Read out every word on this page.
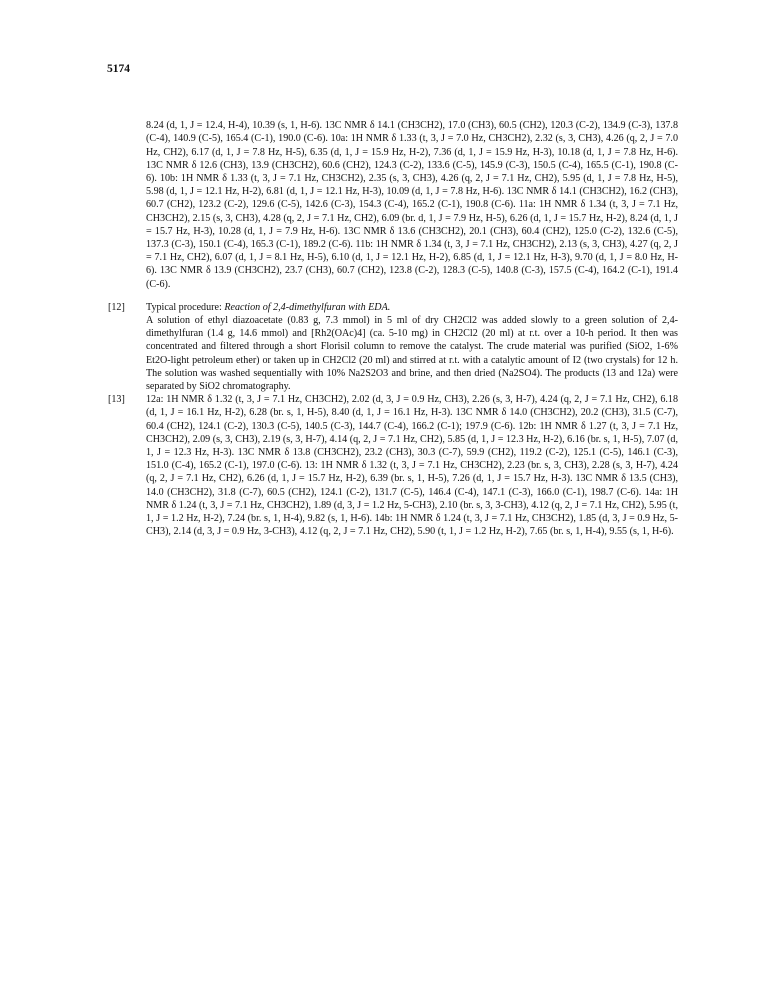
5174

8.24 (d, 1, J = 12.4, H-4), 10.39 (s, 1, H-6). 13C NMR δ 14.1 (CH3CH2), 17.0 (CH3), 60.5 (CH2), 120.3 (C-2), 134.9 (C-3), 137.8 (C-4), 140.9 (C-5), 165.4 (C-1), 190.0 (C-6). 10a: 1H NMR δ 1.33 (t, 3, J = 7.0 Hz, CH3CH2), 2.32 (s, 3, CH3), 4.26 (q, 2, J = 7.0 Hz, CH2), 6.17 (d, 1, J = 7.8 Hz, H-5), 6.35 (d, 1, J = 15.9 Hz, H-2), 7.36 (d, 1, J = 15.9 Hz, H-3), 10.18 (d, 1, J = 7.8 Hz, H-6). 13C NMR δ 12.6 (CH3), 13.9 (CH3CH2), 60.6 (CH2), 124.3 (C-2), 133.6 (C-5), 145.9 (C-3), 150.5 (C-4), 165.5 (C-1), 190.8 (C-6). 10b: 1H NMR δ 1.33 (t, 3, J = 7.1 Hz, CH3CH2), 2.35 (s, 3, CH3), 4.26 (q, 2, J = 7.1 Hz, CH2), 5.95 (d, 1, J = 7.8 Hz, H-5), 5.98 (d, 1, J = 12.1 Hz, H-2), 6.81 (d, 1, J = 12.1 Hz, H-3), 10.09 (d, 1, J = 7.8 Hz, H-6). 13C NMR δ 14.1 (CH3CH2), 16.2 (CH3), 60.7 (CH2), 123.2 (C-2), 129.6 (C-5), 142.6 (C-3), 154.3 (C-4), 165.2 (C-1), 190.8 (C-6). 11a: 1H NMR δ 1.34 (t, 3, J = 7.1 Hz, CH3CH2), 2.15 (s, 3, CH3), 4.28 (q, 2, J = 7.1 Hz, CH2), 6.09 (br. d, 1, J = 7.9 Hz, H-5), 6.26 (d, 1, J = 15.7 Hz, H-2), 8.24 (d, 1, J = 15.7 Hz, H-3), 10.28 (d, 1, J = 7.9 Hz, H-6). 13C NMR δ 13.6 (CH3CH2), 20.1 (CH3), 60.4 (CH2), 125.0 (C-2), 132.6 (C-5), 137.3 (C-3), 150.1 (C-4), 165.3 (C-1), 189.2 (C-6). 11b: 1H NMR δ 1.34 (t, 3, J = 7.1 Hz, CH3CH2), 2.13 (s, 3, CH3), 4.27 (q, 2, J = 7.1 Hz, CH2), 6.07 (d, 1, J = 8.1 Hz, H-5), 6.10 (d, 1, J = 12.1 Hz, H-2), 6.85 (d, 1, J = 12.1 Hz, H-3), 9.70 (d, 1, J = 8.0 Hz, H-6). 13C NMR δ 13.9 (CH3CH2), 23.7 (CH3), 60.7 (CH2), 123.8 (C-2), 128.3 (C-5), 140.8 (C-3), 157.5 (C-4), 164.2 (C-1), 191.4 (C-6).

[12]	Typical procedure: Reaction of 2,4-dimethylfuran with EDA.

A solution of ethyl diazoacetate (0.83 g, 7.3 mmol) in 5 ml of dry CH2Cl2 was added slowly to a green solution of 2,4-dimethylfuran (1.4 g, 14.6 mmol) and [Rh2(OAc)4] (ca. 5-10 mg) in CH2Cl2 (20 ml) at r.t. over a 10-h period. It then was concentrated and filtered through a short Florisil column to remove the catalyst. The crude material was purified (SiO2, 1-6% Et2O-light petroleum ether) or taken up in CH2Cl2 (20 ml) and stirred at r.t. with a catalytic amount of I2 (two crystals) for 12 h. The solution was washed sequentially with 10% Na2S2O3 and brine, and then dried (Na2SO4). The products (13 and 12a) were separated by SiO2 chromatography.

[13]	12a: 1H NMR δ 1.32 (t, 3, J = 7.1 Hz, CH3CH2), 2.02 (d, 3, J = 0.9 Hz, CH3), 2.26 (s, 3, H-7), 4.24 (q, 2, J = 7.1 Hz, CH2), 6.18 (d, 1, J = 16.1 Hz, H-2), 6.28 (br. s, 1, H-5), 8.40 (d, 1, J = 16.1 Hz, H-3). 13C NMR δ 14.0 (CH3CH2), 20.2 (CH3), 31.5 (C-7), 60.4 (CH2), 124.1 (C-2), 130.3 (C-5), 140.5 (C-3), 144.7 (C-4), 166.2 (C-1); 197.9 (C-6). 12b: 1H NMR δ 1.27 (t, 3, J = 7.1 Hz, CH3CH2), 2.09 (s, 3, CH3), 2.19 (s, 3, H-7), 4.14 (q, 2, J = 7.1 Hz, CH2), 5.85 (d, 1, J = 12.3 Hz, H-2), 6.16 (br. s, 1, H-5), 7.07 (d, 1, J = 12.3 Hz, H-3). 13C NMR δ 13.8 (CH3CH2), 23.2 (CH3), 30.3 (C-7), 59.9 (CH2), 119.2 (C-2), 125.1 (C-5), 146.1 (C-3), 151.0 (C-4), 165.2 (C-1), 197.0 (C-6). 13: 1H NMR δ 1.32 (t, 3, J = 7.1 Hz, CH3CH2), 2.23 (br. s, 3, CH3), 2.28 (s, 3, H-7), 4.24 (q, 2, J = 7.1 Hz, CH2), 6.26 (d, 1, J = 15.7 Hz, H-2), 6.39 (br. s, 1, H-5), 7.26 (d, 1, J = 15.7 Hz, H-3). 13C NMR δ 13.5 (CH3), 14.0 (CH3CH2), 31.8 (C-7), 60.5 (CH2), 124.1 (C-2), 131.7 (C-5), 146.4 (C-4), 147.1 (C-3), 166.0 (C-1), 198.7 (C-6). 14a: 1H NMR δ 1.24 (t, 3, J = 7.1 Hz, CH3CH2), 1.89 (d, 3, J = 1.2 Hz, 5-CH3), 2.10 (br. s, 3, 3-CH3), 4.12 (q, 2, J = 7.1 Hz, CH2), 5.95 (t, 1, J = 1.2 Hz, H-2), 7.24 (br. s, 1, H-4), 9.82 (s, 1, H-6). 14b: 1H NMR δ 1.24 (t, 3, J = 7.1 Hz, CH3CH2), 1.85 (d, 3, J = 0.9 Hz, 5-CH3), 2.14 (d, 3, J = 0.9 Hz, 3-CH3), 4.12 (q, 2, J = 7.1 Hz, CH2), 5.90 (t, 1, J = 1.2 Hz, H-2), 7.65 (br. s, 1, H-4), 9.55 (s, 1, H-6).
